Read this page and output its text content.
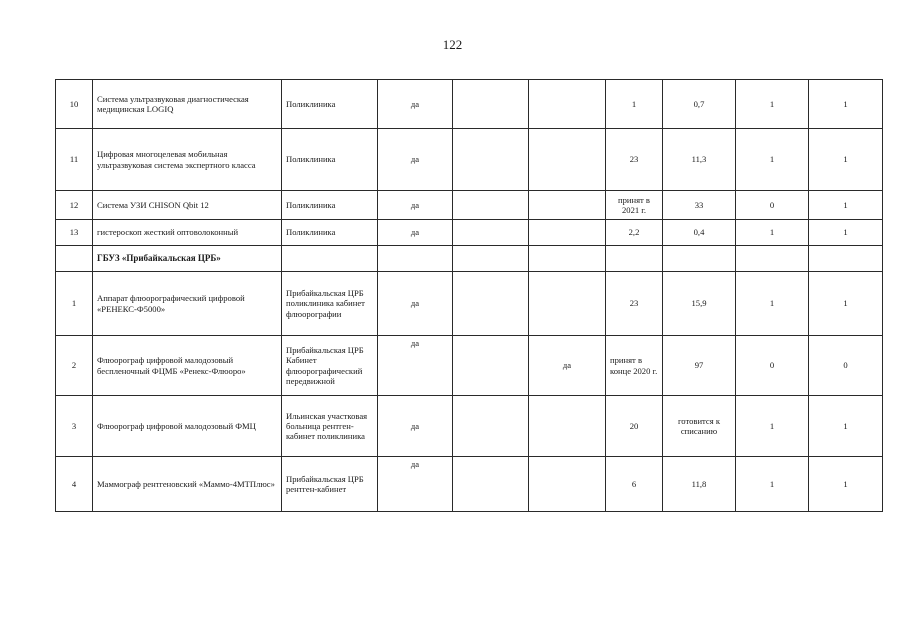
122
10	Система ультразвуковая диагностическая медицинская LOGIQ	Поликлиника	да			1	0,7	1	1
11	Цифровая многоцелевая мобильная ультразвуковая система экспертного класса	Поликлиника	да			23	11,3	1	1
12	Система УЗИ CHISON Qbit 12	Поликлиника	да			принят в 2021 г.	33	0	1
13	гистероскоп жесткий оптоволоконный	Поликлиника	да			2,2	0,4	1	1
	ГБУЗ «Прибайкальская ЦРБ»								
1	Аппарат флюорографический цифровой «РЕНЕКС-Ф5000»	Прибайкальская ЦРБ поликлиника кабинет флюорографии	да			23	15,9	1	1
2	Флюорограф цифровой малодозовый беспленочный ФЦМБ «Ренекс-Флюоро»	Прибайкальская ЦРБ Кабинет флюорографический передвижной	да		да	принят в конце 2020 г.	97	0	0
3	Флюорограф цифровой малодозовый ФМЦ	Ильинская участковая больница рентген-кабинет поликлиника	да			20	готовится к списанию	1	1
4	Маммограф рентгеновский «Маммо-4МТПлюс»	Прибайкальская ЦРБ рентген-кабинет	да			6	11,8	1	1
